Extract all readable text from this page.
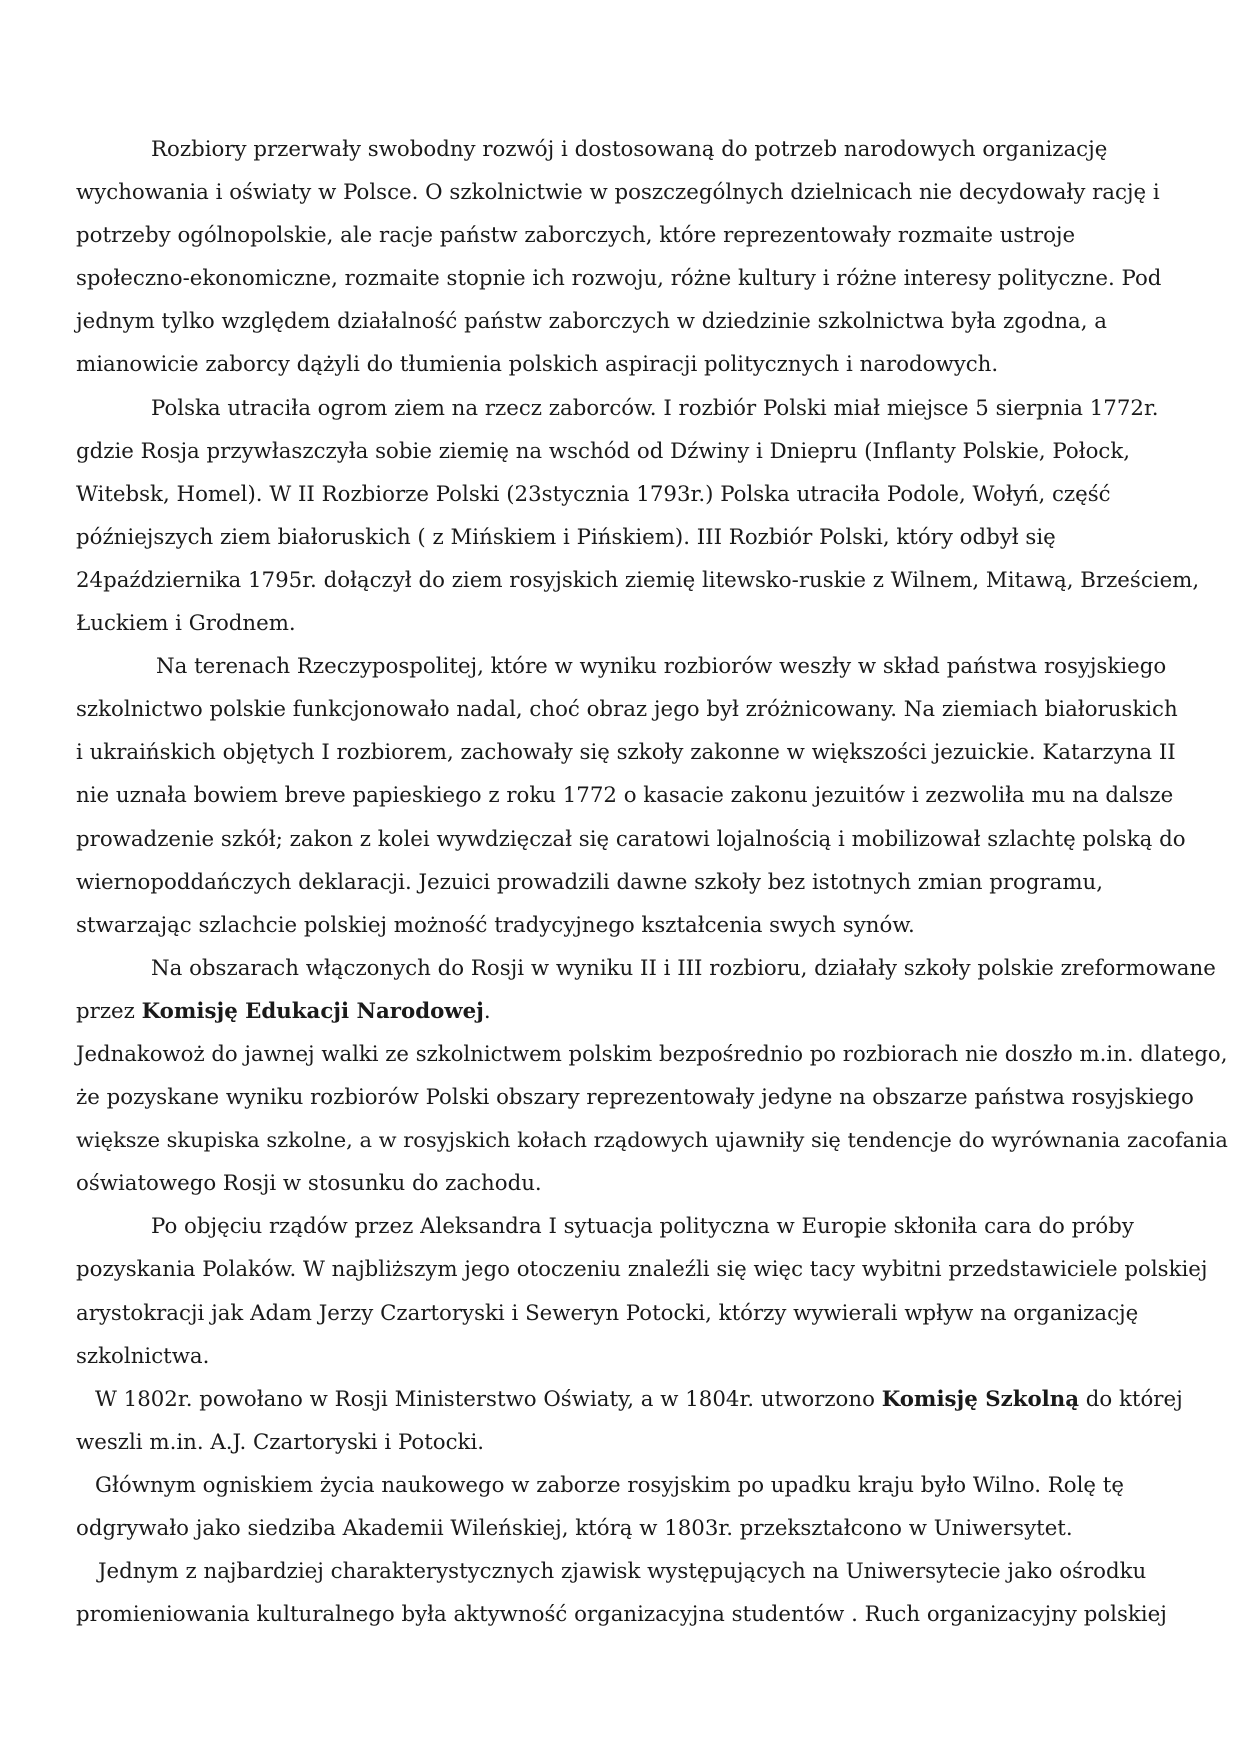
Rozbiory przerwały swobodny rozwój i dostosowaną do potrzeb narodowych organizację
wychowania i oświaty w Polsce. O szkolnictwie w poszczególnych dzielnicach nie decydowały rację i
potrzeby ogólnopolskie, ale racje państw zaborczych, które reprezentowały rozmaite ustroje
społeczno-ekonomiczne, rozmaite stopnie ich rozwoju, różne kultury i różne interesy polityczne. Pod
jednym tylko względem działalność państw zaborczych w dziedzinie szkolnictwa była zgodna, a
mianowicie zaborcy dążyli do tłumienia polskich aspiracji politycznych i narodowych.

Polska utraciła ogrom ziem na rzecz zaborców. I rozbiór Polski miał miejsce 5 sierpnia 1772r.
gdzie Rosja przywłaszczyła sobie ziemię na wschód od Dźwiny i Dniepru (Inflanty Polskie, Połock,
Witebsk, Homel). W II Rozbiorze Polski (23stycznia 1793r.) Polska utraciła Podole, Wołyń, część
późniejszych ziem białoruskich ( z Mińskiem i Pińskiem). III Rozbiór Polski, który odbył się
24października 1795r. dołączył do ziem rosyjskich ziemię litewsko-ruskie z Wilnem, Mitawą, Brześciem,
Łuckiem i Grodnem.

Na terenach Rzeczypospolitej, które w wyniku rozbiorów weszły w skład państwa rosyjskiego
szkolnictwo polskie funkcjonowało nadal, choć obraz jego był zróżnicowany. Na ziemiach białoruskich
i ukraińskich objętych I rozbiorem, zachowały się szkoły zakonne w większości jezuickie. Katarzyna II
nie uznała bowiem breve papieskiego z roku 1772 o kasacie zakonu jezuitów i zezwoliła mu na dalsze
prowadzenie szkół; zakon z kolei wywdzięczał się caratowi lojalnością i mobilizował szlachtę polską do
wiernopoddańczych deklaracji. Jezuici prowadzili dawne szkoły bez istotnych zmian programu,
stwarzając szlachcie polskiej możność tradycyjnego kształcenia swych synów.

Na obszarach włączonych do Rosji w wyniku II i III rozbioru, działały szkoły polskie zreformowane
przez Komisję Edukacji Narodowej.

Jednakowoż do jawnej walki ze szkolnictwem polskim bezpośrednio po rozbiorach nie doszło m.in. dlatego,
że pozyskane wyniku rozbiorów Polski obszary reprezentowały jedyne na obszarze państwa rosyjskiego
większe skupiska szkolne, a w rosyjskich kołach rządowych ujawniły się tendencje do wyrównania zacofania
oświatowego Rosji w stosunku do zachodu.

Po objęciu rządów przez Aleksandra I sytuacja polityczna w Europie skłoniła cara do próby
pozyskania Polaków. W najbliższym jego otoczeniu znaleźli się więc tacy wybitni przedstawiciele polskiej
arystokracji jak Adam Jerzy Czartoryski i Seweryn Potocki, którzy wywierali wpływ na organizację
szkolnictwa.

W 1802r. powołano w Rosji Ministerstwo Oświaty, a w 1804r. utworzono Komisję Szkolną do której
weszli m.in. A.J. Czartoryski i Potocki.

Głównym ogniskiem życia naukowego w zaborze rosyjskim po upadku kraju było Wilno. Rolę tę
odgrywało jako siedziba Akademii Wileńskiej, którą w 1803r. przekształcono w Uniwersytet.

Jednym z najbardziej charakterystycznych zjawisk występujących na Uniwersytecie jako ośrodku
promieniowania kulturalnego była aktywność organizacyjna studentów . Ruch organizacyjny polskiej
